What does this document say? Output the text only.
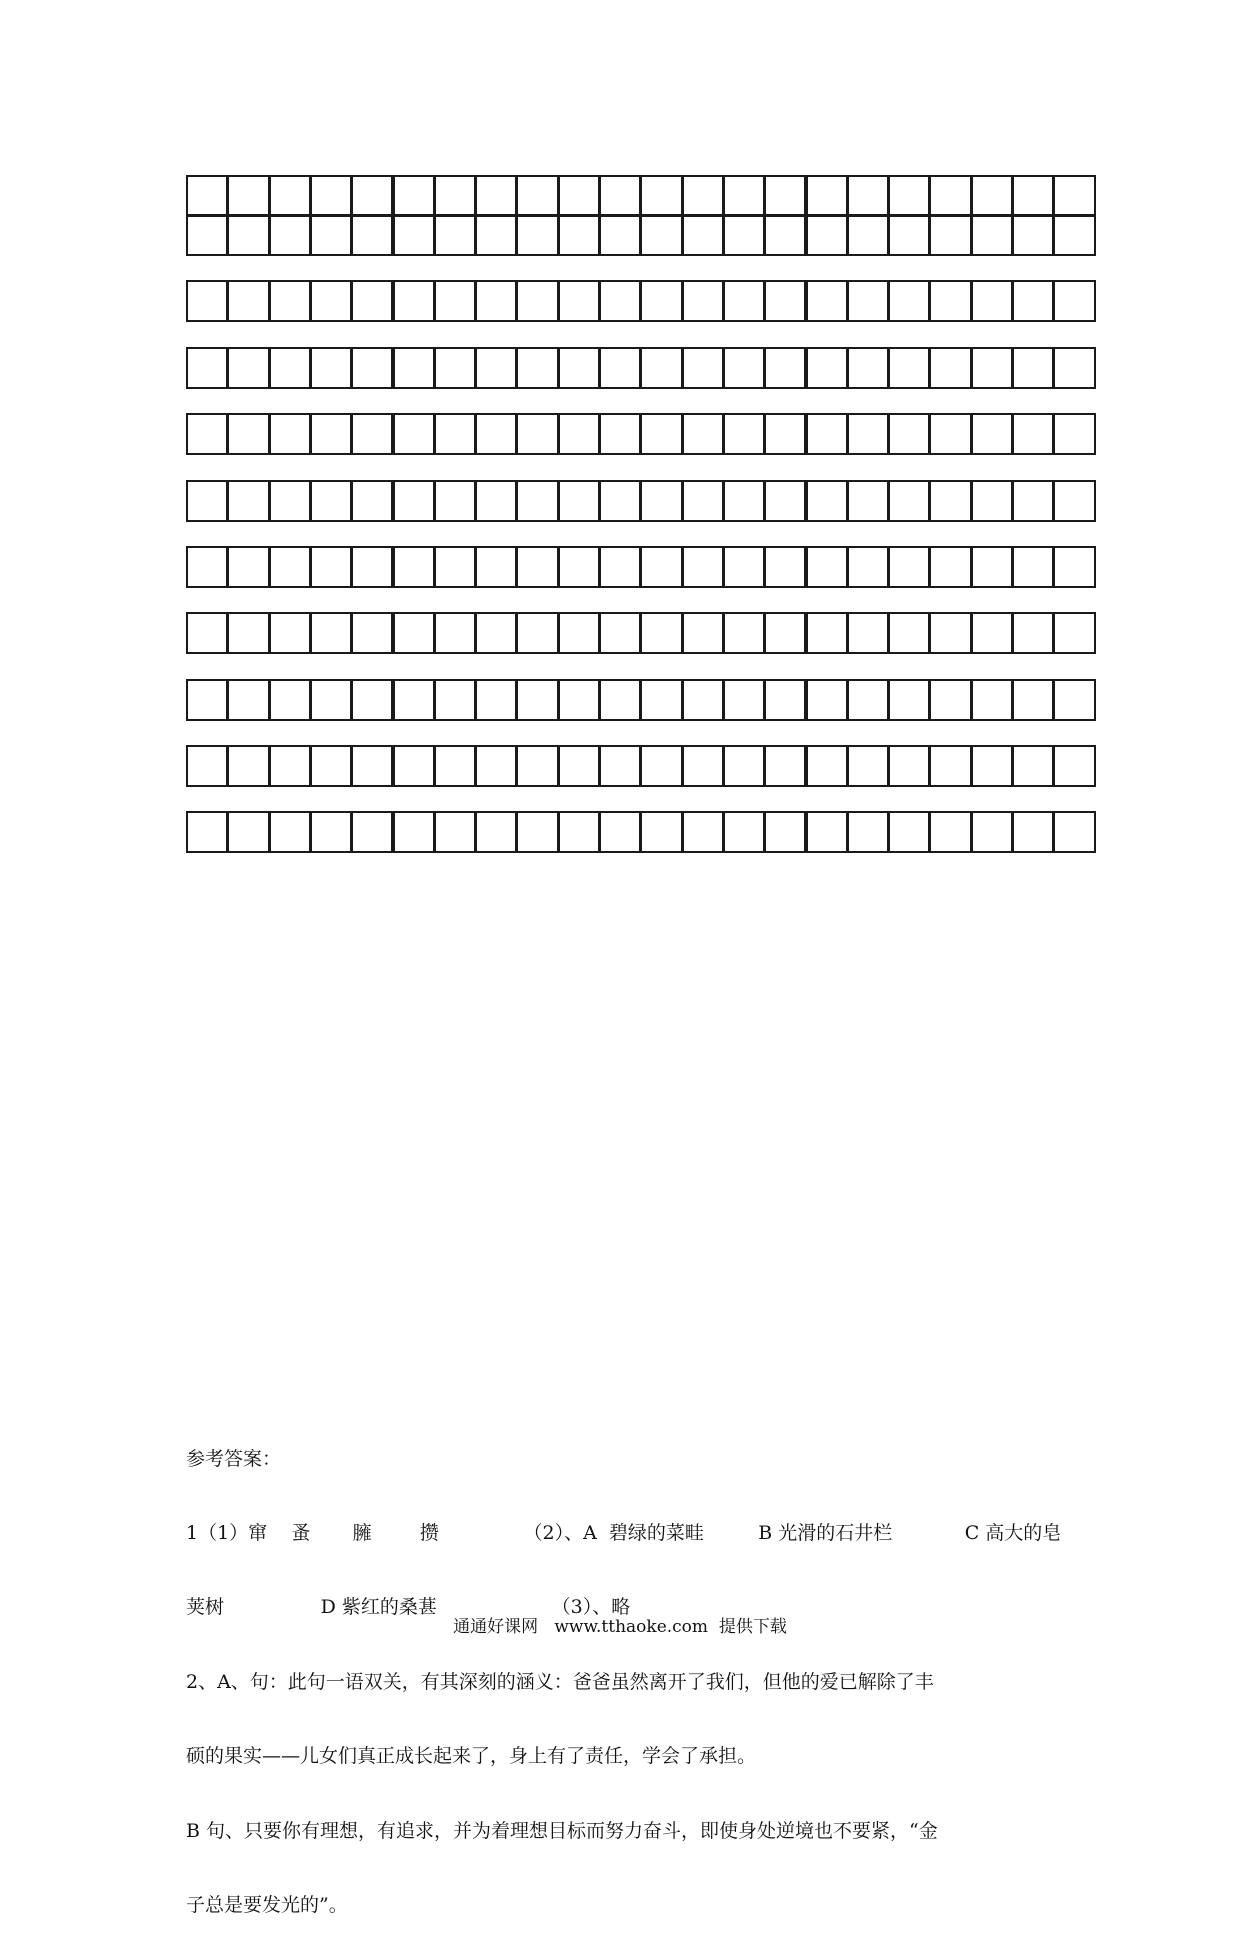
参考答案：

1（1）窜    蚤       臃        攒              （2）、A  碧绿的菜畦         B 光滑的石井栏            C 高大的皂

荚树                D 紫红的桑葚                   （3）、略

2、A、句：此句一语双关，有其深刻的涵义：爸爸虽然离开了我们，但他的爱已解除了丰

硕的果实——儿女们真正成长起来了，身上有了责任，学会了承担。

B 句、只要你有理想，有追求，并为着理想目标而努力奋斗，即使身处逆境也不要紧，“金

子总是要发光的”。

通通好课网   www.tthaoke.com  提供下载
